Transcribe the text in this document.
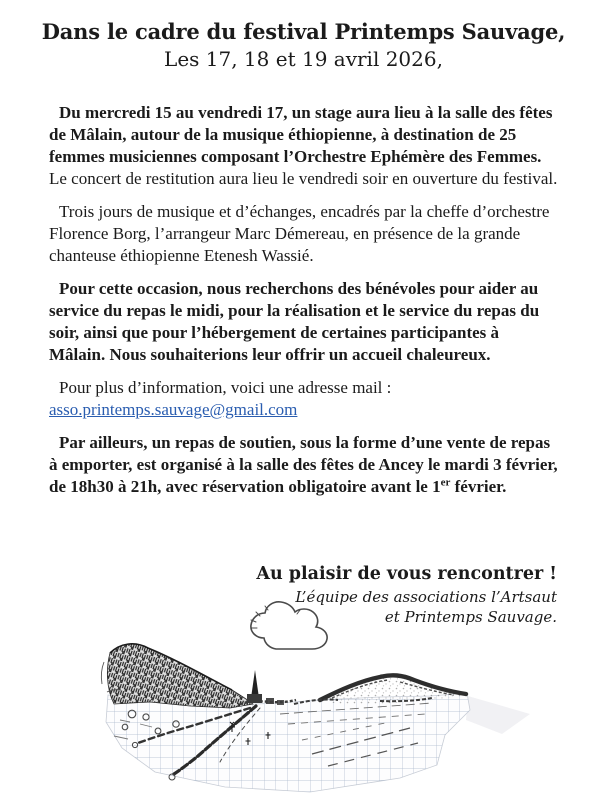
Dans le cadre du festival Printemps Sauvage,

Les 17, 18 et 19 avril 2026,

Du mercredi 15 au vendredi 17, un stage aura lieu à la salle des fêtes de Mâlain, autour de la musique éthiopienne, à destination de 25 femmes musiciennes composant l’Orchestre Ephémère des Femmes. Le concert de restitution aura lieu le vendredi soir en ouverture du festival.

Trois jours de musique et d’échanges, encadrés par la cheffe d’orchestre Florence Borg, l’arrangeur Marc Démereau, en présence de la grande chanteuse éthiopienne Etenesh Wassié.

Pour cette occasion, nous recherchons des bénévoles pour aider au service du repas le midi, pour la réalisation et le service du repas du soir, ainsi que pour l’hébergement de certaines participantes à Mâlain. Nous souhaiterions leur offrir un accueil chaleureux.

Pour plus d’information, voici une adresse mail :

asso.printemps.sauvage@gmail.com

Par ailleurs, un repas de soutien, sous la forme d’une vente de repas à emporter, est organisé à la salle des fêtes de Ancey le mardi 3 février, de 18h30 à 21h, avec réservation obligatoire avant le 1er février.

Au plaisir de vous rencontrer !

L’équipe des associations l’Artsaut

et Printemps Sauvage.
